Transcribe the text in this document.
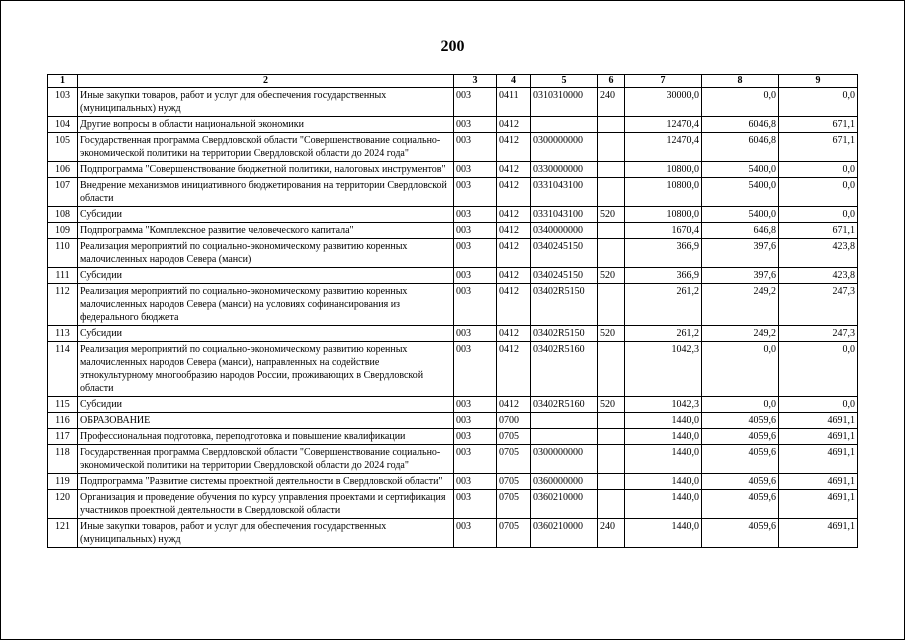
200
1	2	3	4	5	6	7	8	9
103	Иные закупки товаров, работ и услуг для обеспечения государственных (муниципальных) нужд	003	0411	0310310000	240	30000,0	0,0	0,0
104	Другие вопросы в области национальной экономики	003	0412			12470,4	6046,8	671,1
105	Государственная программа Свердловской области "Совершенствование социально-экономической политики на территории Свердловской области до 2024 года"	003	0412	0300000000		12470,4	6046,8	671,1
106	Подпрограмма "Совершенствование бюджетной политики, налоговых инструментов"	003	0412	0330000000		10800,0	5400,0	0,0
107	Внедрение механизмов инициативного бюджетирования на территории Свердловской области	003	0412	0331043100		10800,0	5400,0	0,0
108	Субсидии	003	0412	0331043100	520	10800,0	5400,0	0,0
109	Подпрограмма "Комплексное развитие человеческого капитала"	003	0412	0340000000		1670,4	646,8	671,1
110	Реализация мероприятий по социально-экономическому развитию коренных малочисленных народов Севера (манси)	003	0412	0340245150		366,9	397,6	423,8
111	Субсидии	003	0412	0340245150	520	366,9	397,6	423,8
112	Реализация мероприятий по социально-экономическому развитию коренных малочисленных народов Севера (манси) на условиях софинансирования из федерального бюджета	003	0412	03402R5150		261,2	249,2	247,3
113	Субсидии	003	0412	03402R5150	520	261,2	249,2	247,3
114	Реализация мероприятий по социально-экономическому развитию коренных малочисленных народов Севера (манси), направленных на содействие этнокультурному многообразию народов России, проживающих в Свердловской области	003	0412	03402R5160		1042,3	0,0	0,0
115	Субсидии	003	0412	03402R5160	520	1042,3	0,0	0,0
116	ОБРАЗОВАНИЕ	003	0700			1440,0	4059,6	4691,1
117	Профессиональная подготовка, переподготовка и повышение квалификации	003	0705			1440,0	4059,6	4691,1
118	Государственная программа Свердловской области "Совершенствование социально-экономической политики на территории Свердловской области до 2024 года"	003	0705	0300000000		1440,0	4059,6	4691,1
119	Подпрограмма "Развитие системы проектной деятельности в Свердловской области"	003	0705	0360000000		1440,0	4059,6	4691,1
120	Организация и проведение обучения по курсу управления проектами и сертификация участников проектной деятельности в Свердловской области	003	0705	0360210000		1440,0	4059,6	4691,1
121	Иные закупки товаров, работ и услуг для обеспечения государственных (муниципальных) нужд	003	0705	0360210000	240	1440,0	4059,6	4691,1
